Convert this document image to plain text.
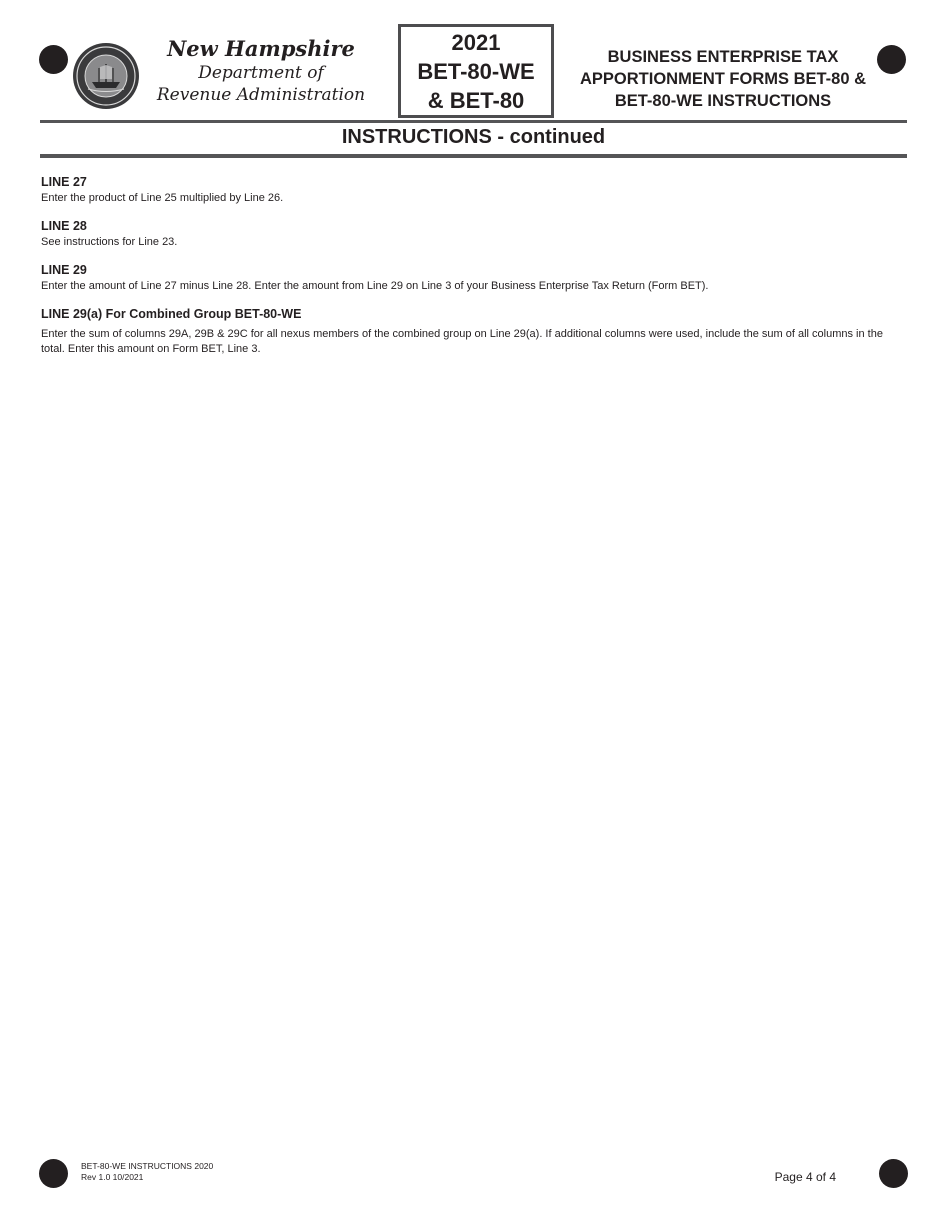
New Hampshire
Department of
Revenue Administration
2021
BET-80-WE
& BET-80
BUSINESS ENTERPRISE TAX
APPORTIONMENT FORMS BET-80 &
BET-80-WE INSTRUCTIONS
INSTRUCTIONS - continued
LINE 27

Enter the product of Line 25 multiplied by Line 26.

LINE 28

See instructions for Line 23.

LINE 29

Enter the amount of Line 27 minus Line 28. Enter the amount from Line 29 on Line 3 of your Business Enterprise Tax Return (Form BET).

LINE 29(a) For Combined Group BET-80-WE

Enter the sum of columns 29A, 29B & 29C for all nexus members of the combined group on Line 29(a). If additional columns were used, include the sum of all columns in the total. Enter this amount on Form BET, Line 3.

BET-80-WE INSTRUCTIONS 2020
Rev 1.0 10/2021	Page 4 of 4
